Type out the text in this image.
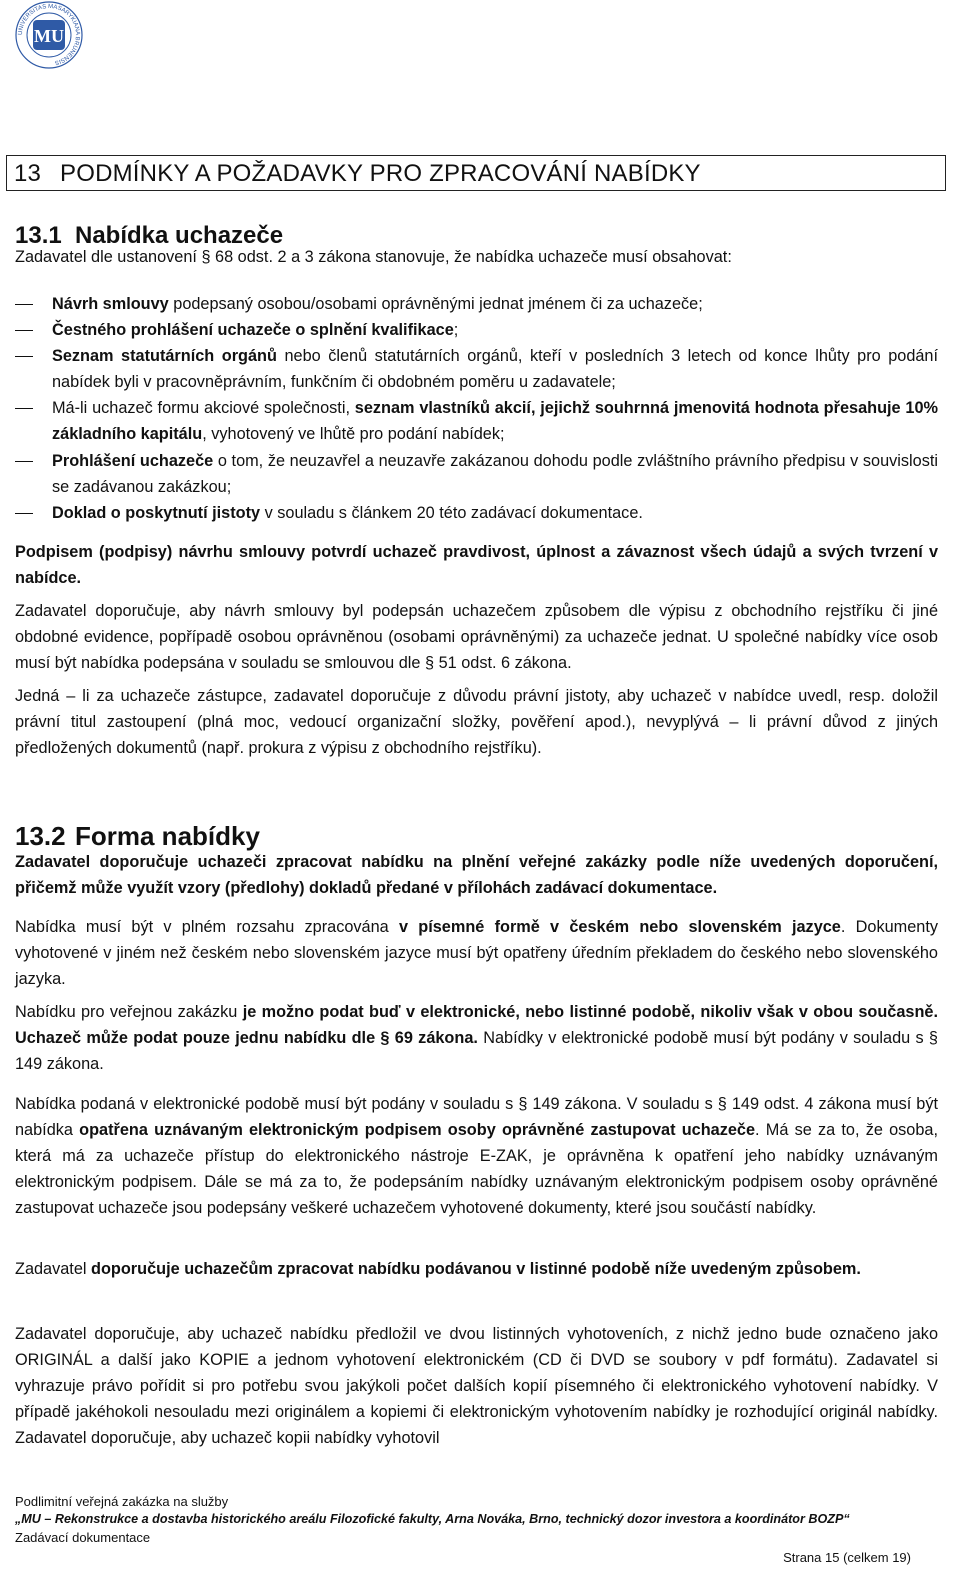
UNIVERSITAS MASARYKIANA BRUNENSIS
MU
13 PODMÍNKY A POŽADAVKY PRO ZPRACOVÁNÍ NABÍDKY
13.1 Nabídka uchazeče

Zadavatel dle ustanovení § 68 odst. 2 a 3 zákona stanovuje, že nabídka uchazeče musí obsahovat:

Návrh smlouvy podepsaný osobou/osobami oprávněnými jednat jménem či za uchazeče;
Čestného prohlášení uchazeče o splnění kvalifikace;
Seznam statutárních orgánů nebo členů statutárních orgánů, kteří v posledních 3 letech od konce lhůty pro podání nabídek byli v pracovněprávním, funkčním či obdobném poměru u zadavatele;
Má-li uchazeč formu akciové společnosti, seznam vlastníků akcií, jejichž souhrnná jmenovitá hodnota přesahuje 10% základního kapitálu, vyhotovený ve lhůtě pro podání nabídek;
Prohlášení uchazeče o tom, že neuzavřel a neuzavře zakázanou dohodu podle zvláštního právního předpisu v souvislosti se zadávanou zakázkou;
Doklad o poskytnutí jistoty v souladu s článkem 20 této zadávací dokumentace.

Podpisem (podpisy) návrhu smlouvy potvrdí uchazeč pravdivost, úplnost a závaznost všech údajů a svých tvrzení v nabídce.

Zadavatel doporučuje, aby návrh smlouvy byl podepsán uchazečem způsobem dle výpisu z obchodního rejstříku či jiné obdobné evidence, popřípadě osobou oprávněnou (osobami oprávněnými) za uchazeče jednat. U společné nabídky více osob musí být nabídka podepsána v souladu se smlouvou dle § 51 odst. 6 zákona.

Jedná – li za uchazeče zástupce, zadavatel doporučuje z důvodu právní jistoty, aby uchazeč v nabídce uvedl, resp. doložil právní titul zastoupení (plná moc, vedoucí organizační složky, pověření apod.), nevyplývá – li právní důvod z jiných předložených dokumentů (např. prokura z výpisu z obchodního rejstříku).

13.2 Forma nabídky

Zadavatel doporučuje uchazeči zpracovat nabídku na plnění veřejné zakázky podle níže uvedených doporučení, přičemž může využít vzory (předlohy) dokladů předané v přílohách zadávací dokumentace.

Nabídka musí být v plném rozsahu zpracována v písemné formě v českém nebo slovenském jazyce. Dokumenty vyhotovené v jiném než českém nebo slovenském jazyce musí být opatřeny úředním překladem do českého nebo slovenského jazyka.

Nabídku pro veřejnou zakázku je možno podat buď v elektronické, nebo listinné podobě, nikoliv však v obou současně. Uchazeč může podat pouze jednu nabídku dle § 69 zákona. Nabídky v elektronické podobě musí být podány v souladu s § 149 zákona.

Nabídka podaná v elektronické podobě musí být podány v souladu s § 149 zákona. V souladu s § 149 odst. 4 zákona musí být nabídka opatřena uznávaným elektronickým podpisem osoby oprávněné zastupovat uchazeče. Má se za to, že osoba, která má za uchazeče přístup do elektronického nástroje E-ZAK, je oprávněna k opatření jeho nabídky uznávaným elektronickým podpisem. Dále se má za to, že podepsáním nabídky uznávaným elektronickým podpisem osoby oprávněné zastupovat uchazeče jsou podepsány veškeré uchazečem vyhotovené dokumenty, které jsou součástí nabídky.

Zadavatel doporučuje uchazečům zpracovat nabídku podávanou v listinné podobě níže uvedeným způsobem.

Zadavatel doporučuje, aby uchazeč nabídku předložil ve dvou listinných vyhotoveních, z nichž jedno bude označeno jako ORIGINÁL a další jako KOPIE a jednom vyhotovení elektronickém (CD či DVD se soubory v pdf formátu). Zadavatel si vyhrazuje právo pořídit si pro potřebu svou jakýkoli počet dalších kopií písemného či elektronického vyhotovení nabídky. V případě jakéhokoli nesouladu mezi originálem a kopiemi či elektronickým vyhotovením nabídky je rozhodující originál nabídky. Zadavatel doporučuje, aby uchazeč kopii nabídky vyhotovil

Podlimitní veřejná zakázka na služby
„MU – Rekonstrukce a dostavba historického areálu Filozofické fakulty, Arna Nováka, Brno, technický dozor investora a koordinátor BOZP“
Zadávací dokumentace
Strana 15 (celkem 19)
